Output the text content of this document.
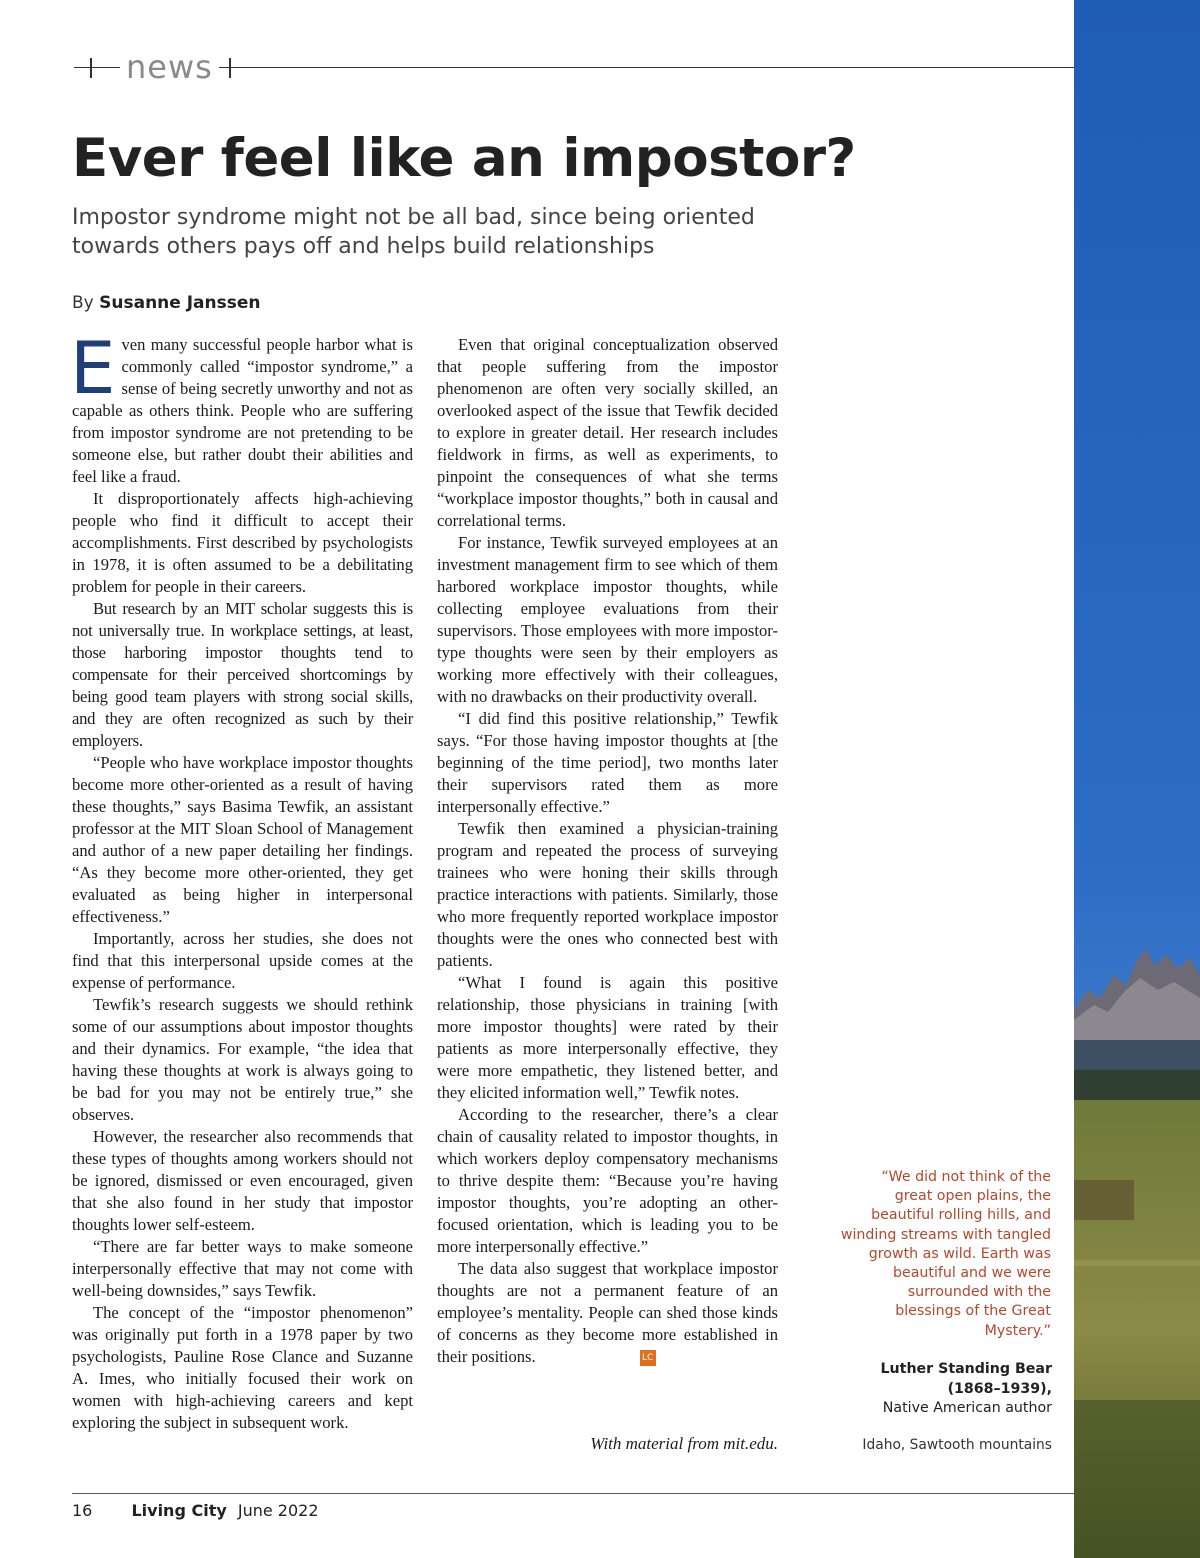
news
Ever feel like an impostor?

Impostor syndrome might not be all bad, since being oriented towards others pays off and helps build relationships

By Susanne Janssen

Even many successful people harbor what is commonly called “impostor syndrome,” a sense of being secretly unworthy and not as capable as others think. People who are suffering from impostor syndrome are not pretending to be someone else, but rather doubt their abilities and feel like a fraud.

It disproportionately affects high-achieving people who find it difficult to accept their accomplishments. First described by psychologists in 1978, it is often assumed to be a debilitating problem for people in their careers.

But research by an MIT scholar suggests this is not universally true. In workplace settings, at least, those harboring impostor thoughts tend to compensate for their perceived shortcomings by being good team players with strong social skills, and they are often recognized as such by their employers.

“People who have workplace impostor thoughts become more other-oriented as a result of having these thoughts,” says Basima Tewfik, an assistant professor at the MIT Sloan School of Management and author of a new paper detailing her findings. “As they become more other-oriented, they get evaluated as being higher in interpersonal effectiveness.”

Importantly, across her studies, she does not find that this interpersonal upside comes at the expense of performance.

Tewfik’s research suggests we should rethink some of our assumptions about impostor thoughts and their dynamics. For example, “the idea that having these thoughts at work is always going to be bad for you may not be entirely true,” she observes.

However, the researcher also recommends that these types of thoughts among workers should not be ignored, dismissed or even encouraged, given that she also found in her study that impostor thoughts lower self-esteem.

“There are far better ways to make someone interpersonally effective that may not come with well-being downsides,” says Tewfik.

The concept of the “impostor phenomenon” was originally put forth in a 1978 paper by two psychologists, Pauline Rose Clance and Suzanne A. Imes, who initially focused their work on women with high-achieving careers and kept exploring the subject in subsequent work.

Even that original conceptualization observed that people suffering from the impostor phenomenon are often very socially skilled, an overlooked aspect of the issue that Tewfik decided to explore in greater detail. Her research includes fieldwork in firms, as well as experiments, to pinpoint the consequences of what she terms “workplace impostor thoughts,” both in causal and correlational terms.

For instance, Tewfik surveyed employees at an investment management firm to see which of them harbored workplace impostor thoughts, while collecting employee evaluations from their supervisors. Those employees with more impostor-type thoughts were seen by their employers as working more effectively with their colleagues, with no drawbacks on their productivity overall.

“I did find this positive relationship,” Tewfik says. “For those having impostor thoughts at [the beginning of the time period], two months later their supervisors rated them as more interpersonally effective.”

Tewfik then examined a physician-training program and repeated the process of surveying trainees who were honing their skills through practice interactions with patients. Similarly, those who more frequently reported workplace impostor thoughts were the ones who connected best with patients.

“What I found is again this positive relationship, those physicians in training [with more impostor thoughts] were rated by their patients as more interpersonally effective, they were more empathetic, they listened better, and they elicited information well,” Tewfik notes.

According to the researcher, there’s a clear chain of causality related to impostor thoughts, in which workers deploy compensatory mechanisms to thrive despite them: “Because you’re having impostor thoughts, you’re adopting an other-focused orientation, which is leading you to be more interpersonally effective.”

The data also suggest that workplace impostor thoughts are not a permanent feature of an employee’s mentality. People can shed those kinds of concerns as they become more established in their positions.	LC

With material from mit.edu.
“We did not think of the great open plains, the beautiful rolling hills, and winding streams with tangled growth as wild. Earth was beautiful and we were surrounded with the blessings of the Great Mystery.”
Luther Standing Bear
(1868–1939),
Native American author
Idaho, Sawtooth mountains
16 Living City June 2022
